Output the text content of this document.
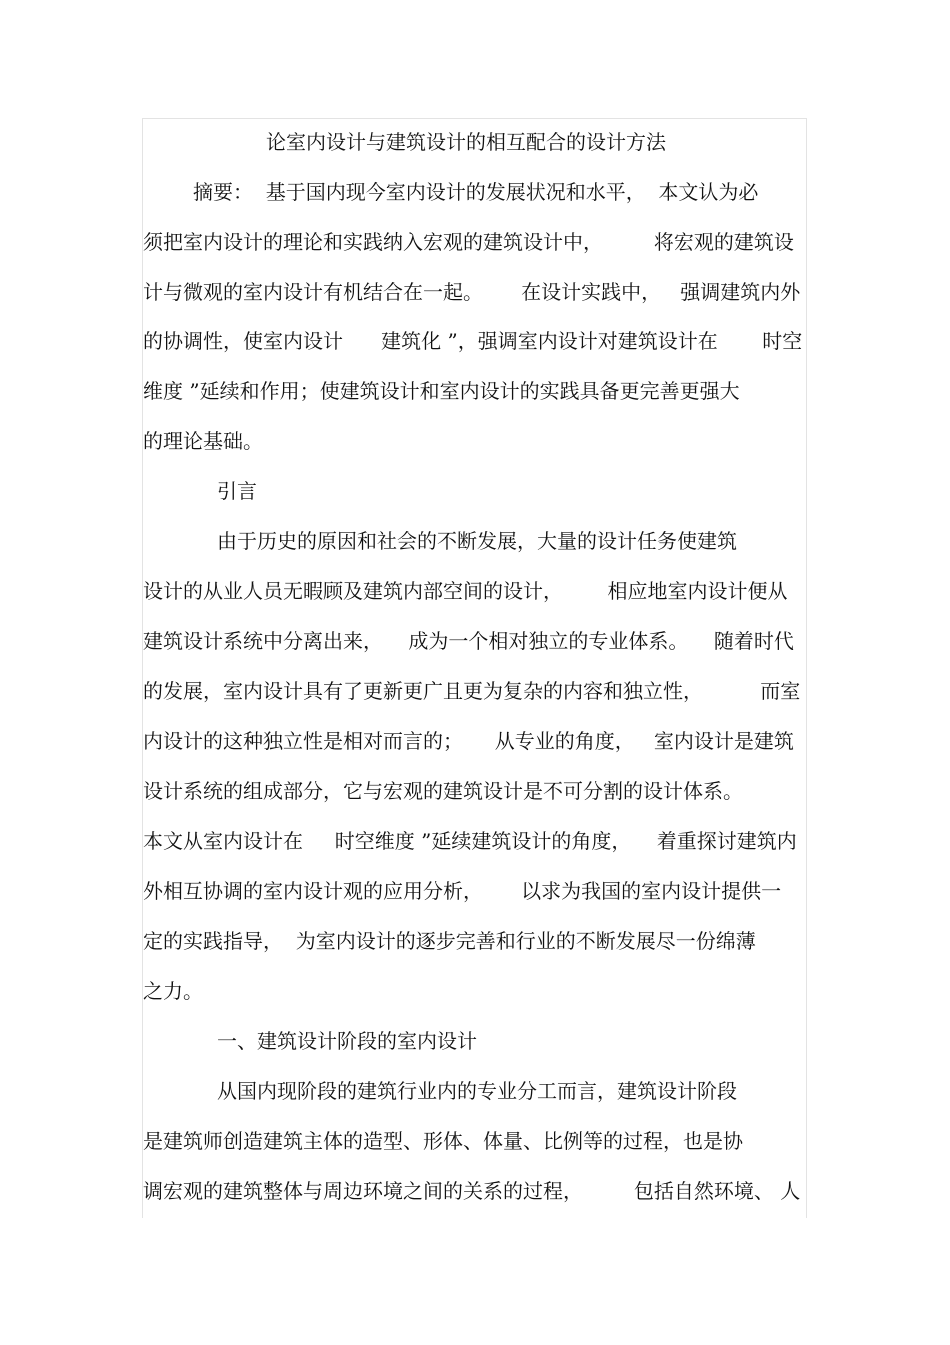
论室内设计与建筑设计的相互配合的设计方法
摘要：  基于国内现今室内设计的发展状况和水平，  本文认为必
须把室内设计的理论和实践纳入宏观的建筑设计中，        将宏观的建筑设
计与微观的室内设计有机结合在一起。      在设计实践中，   强调建筑内外
的协调性，使室内设计      建筑化 ”，强调室内设计对建筑设计在       时空
维度 ”延续和作用；使建筑设计和室内设计的实践具备更完善更强大
的理论基础。
引言
由于历史的原因和社会的不断发展，大量的设计任务使建筑
设计的从业人员无暇顾及建筑内部空间的设计，       相应地室内设计便从
建筑设计系统中分离出来，    成为一个相对独立的专业体系。    随着时代
的发展，室内设计具有了更新更广且更为复杂的内容和独立性，         而室
内设计的这种独立性是相对而言的；     从专业的角度，   室内设计是建筑
设计系统的组成部分，它与宏观的建筑设计是不可分割的设计体系。
本文从室内设计在     时空维度 ”延续建筑设计的角度，    着重探讨建筑内
外相互协调的室内设计观的应用分析，      以求为我国的室内设计提供一
定的实践指导，  为室内设计的逐步完善和行业的不断发展尽一份绵薄
之力。
一、建筑设计阶段的室内设计
从国内现阶段的建筑行业内的专业分工而言，建筑设计阶段
是建筑师创造建筑主体的造型、形体、体量、比例等的过程，也是协
调宏观的建筑整体与周边环境之间的关系的过程，        包括自然环境、 人
